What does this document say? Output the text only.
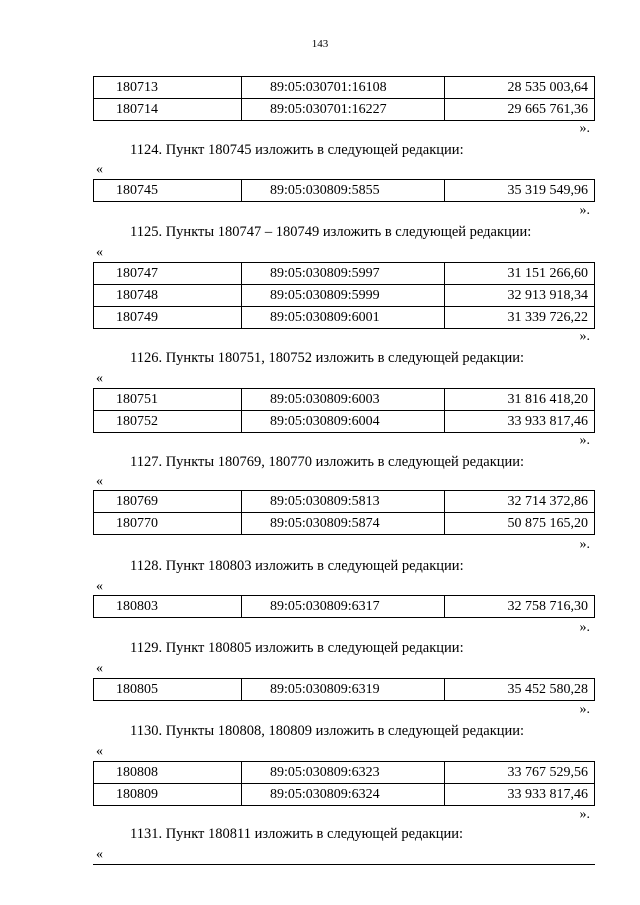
143
180713	89:05:030701:16108	28 535 003,64
180714	89:05:030701:16227	29 665 761,36
».
1124. Пункт 180745 изложить в следующей редакции:
«
180745	89:05:030809:5855	35 319 549,96
».
1125. Пункты 180747 – 180749 изложить в следующей редакции:
«
180747	89:05:030809:5997	31 151 266,60
180748	89:05:030809:5999	32 913 918,34
180749	89:05:030809:6001	31 339 726,22
».
1126. Пункты 180751, 180752 изложить в следующей редакции:
«
180751	89:05:030809:6003	31 816 418,20
180752	89:05:030809:6004	33 933 817,46
».
1127. Пункты 180769, 180770 изложить в следующей редакции:
«
180769	89:05:030809:5813	32 714 372,86
180770	89:05:030809:5874	50 875 165,20
».
1128. Пункт 180803 изложить в следующей редакции:
«
180803	89:05:030809:6317	32 758 716,30
».
1129. Пункт 180805 изложить в следующей редакции:
«
180805	89:05:030809:6319	35 452 580,28
».
1130. Пункты 180808, 180809 изложить в следующей редакции:
«
180808	89:05:030809:6323	33 767 529,56
180809	89:05:030809:6324	33 933 817,46
».
1131. Пункт 180811 изложить в следующей редакции:
«
